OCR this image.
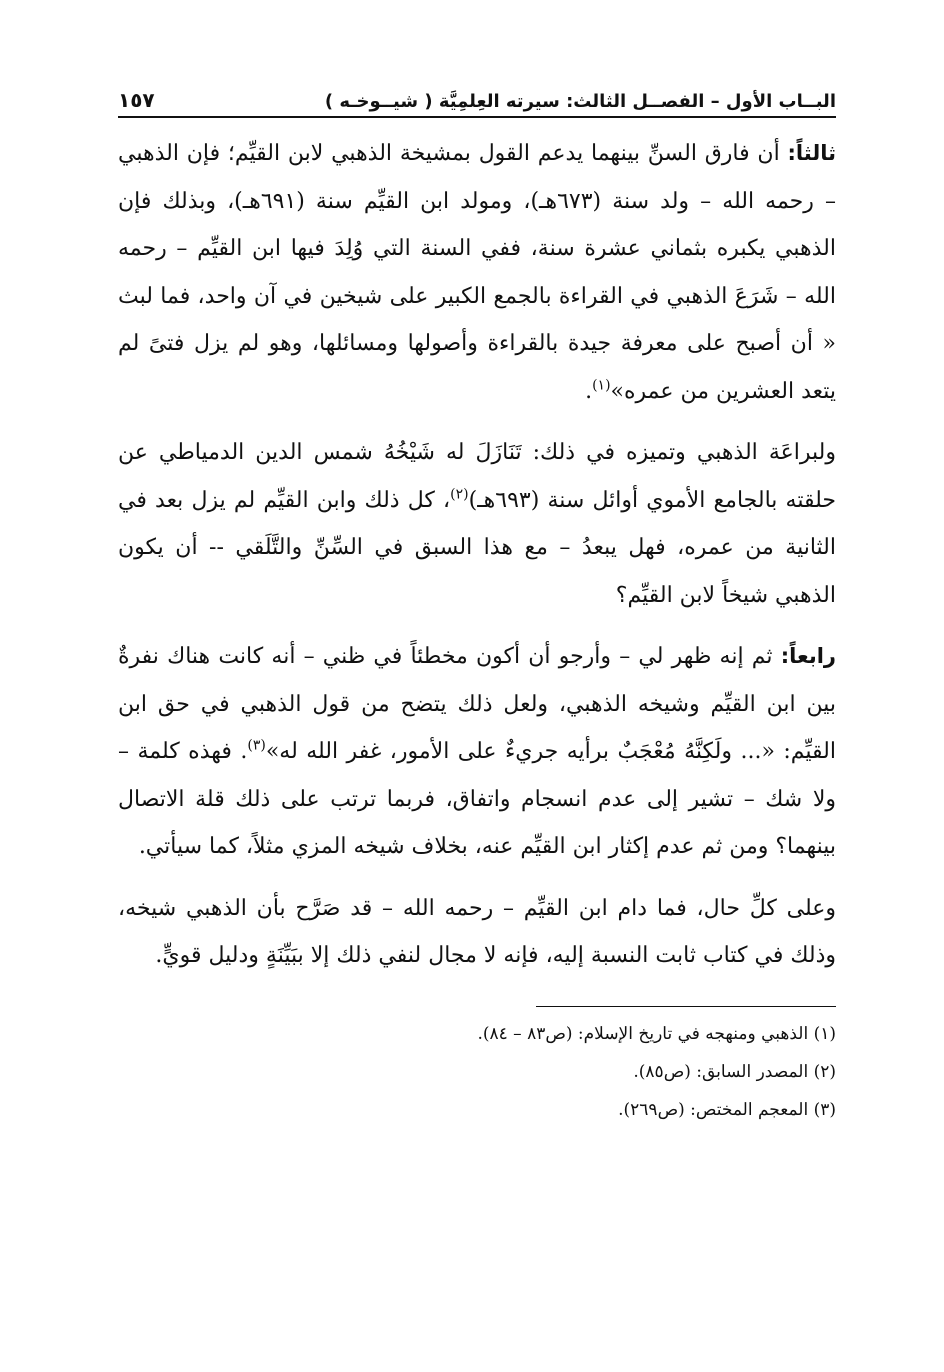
البــاب الأول – الفصــل الثالث: سيرته العِلمِيَّة ( شيــوخـه )
١٥٧

ثالثاً: أن فارق السنِّ بينهما يدعم القول بمشيخة الذهبي لابن القيِّم؛ فإن الذهبي – رحمه الله – ولد سنة (٦٧٣هـ)، ومولد ابن القيِّم سنة (٦٩١هـ)، وبذلك فإن الذهبي يكبره بثماني عشرة سنة، ففي السنة التي وُلِدَ فيها ابن القيِّم – رحمه الله – شَرَعَ الذهبي في القراءة بالجمع الكبير على شيخين في آن واحد، فما لبث « أن أصبح على معرفة جيدة بالقراءة وأصولها ومسائلها، وهو لم يزل فتىً لم يتعد العشرين من عمره»$^{(١)}$.

ولبراعَة الذهبي وتميزه في ذلك: تَنَازَلَ له شَيْخُهُ شمس الدين الدمياطي عن حلقته بالجامع الأموي أوائل سنة (٦٩٣هـ)$^{(٢)}$، كل ذلك وابن القيِّم لم يزل بعد في الثانية من عمره، فهل يبعدُ – مع هذا السبق في السِّنِّ والتَّلَقي -- أن يكون الذهبي شيخاً لابن القيِّم؟

رابعاً: ثم إنه ظهر لي – وأرجو أن أكون مخطئاً في ظني – أنه كانت هناك نفرةٌ بين ابن القيِّم وشيخه الذهبي، ولعل ذلك يتضح من قول الذهبي في حق ابن القيِّم: «... ولَكِنَّهُ مُعْجَبٌ برأيه جريءٌ على الأمور، غفر الله له»$^{(٣)}$. فهذه كلمة – ولا شك – تشير إلى عدم انسجام واتفاق، فربما ترتب على ذلك قلة الاتصال بينهما؟ ومن ثم عدم إكثار ابن القيِّم عنه، بخلاف شيخه المزي مثلاً، كما سيأتي.

وعلى كلِّ حال، فما دام ابن القيِّم – رحمه الله – قد صَرَّح بأن الذهبي شيخه، وذلك في كتاب ثابت النسبة إليه، فإنه لا مجال لنفي ذلك إلا ببَيِّنَةٍ ودليل قويٍّ.

(١) الذهبي ومنهجه في تاريخ الإسلام: (ص٨٣ – ٨٤).

(٢) المصدر السابق: (ص٨٥).

(٣) المعجم المختص: (ص٢٦٩).
